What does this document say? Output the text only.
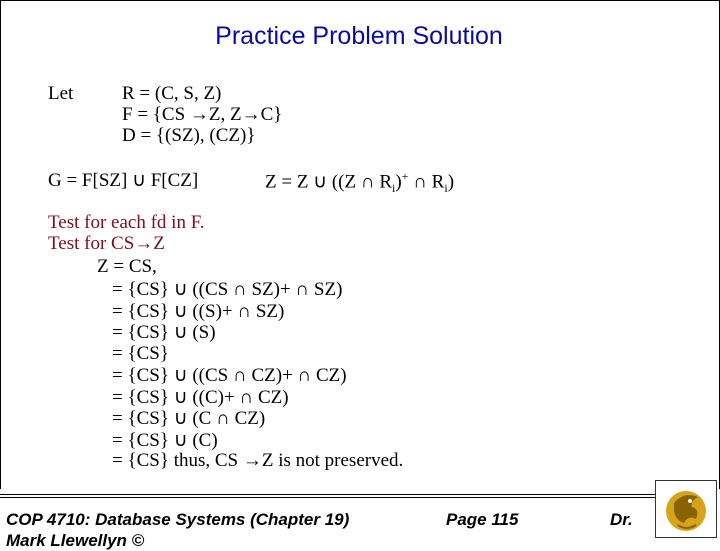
Practice Problem Solution
Let	R = (C, S, Z)
F = {CS →Z, Z→C}
D = {(SZ), (CZ)}
G = F[SZ] ∪ F[CZ]	Z = Z ∪ ((Z ∩ $R_i)^+$ ∩ $R_i$)
Test for each fd in F.
Test for CS→Z
Z = CS,
= {CS} ∪ ((CS ∩ SZ)+ ∩ SZ)
= {CS} ∪ ((S)+ ∩ SZ)
= {CS} ∪ (S)
= {CS}
= {CS} ∪ ((CS ∩ CZ)+ ∩ CZ)
= {CS} ∪ ((C)+ ∩ CZ)
= {CS} ∪ (C ∩ CZ)
= {CS} ∪ (C)
= {CS} thus, CS →Z is not preserved.
COP 4710: Database Systems (Chapter 19)	Page 115	Dr.
Mark Llewellyn ©
